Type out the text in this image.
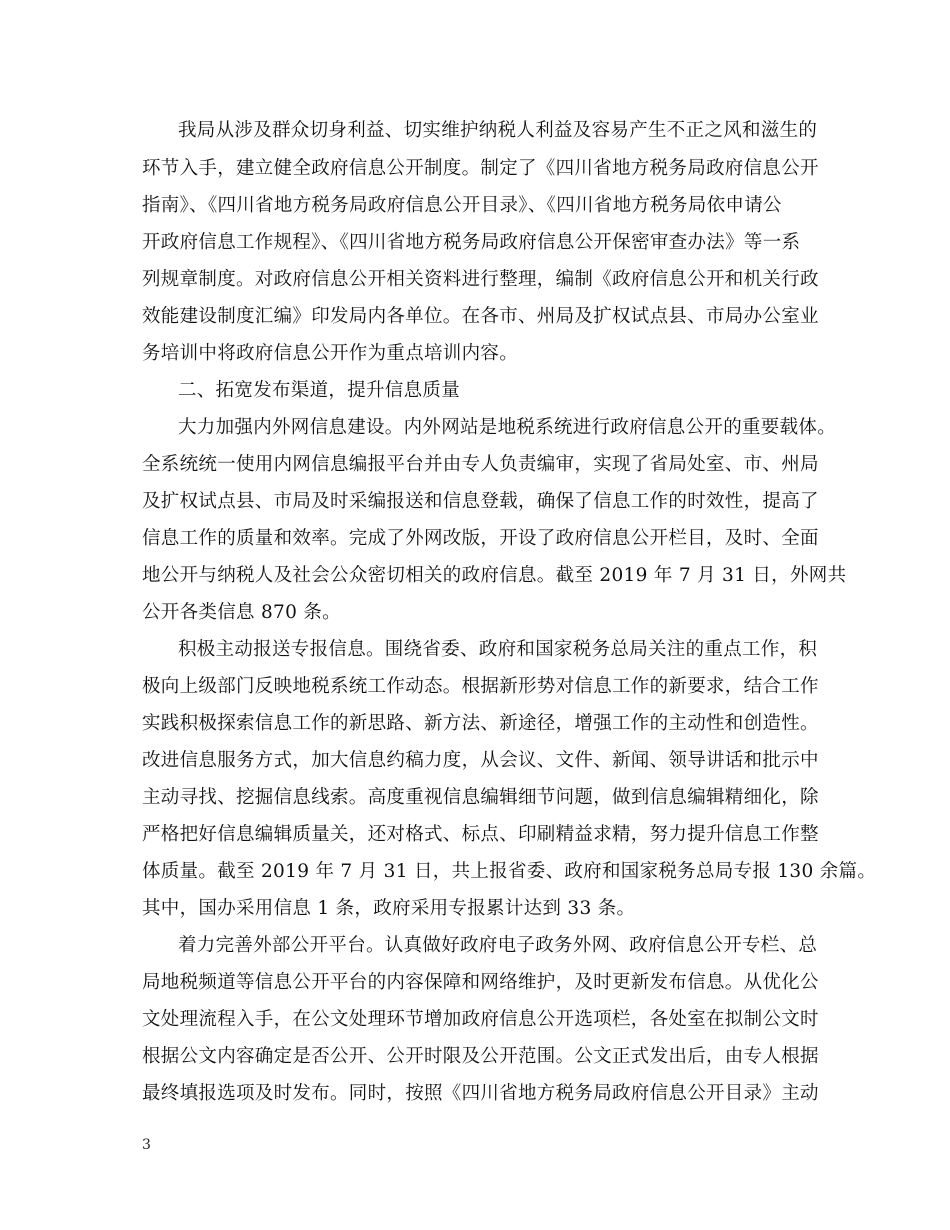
我局从涉及群众切身利益、切实维护纳税人利益及容易产生不正之风和滋生的
环节入手，建立健全政府信息公开制度。制定了《四川省地方税务局政府信息公开
指南》、《四川省地方税务局政府信息公开目录》、《四川省地方税务局依申请公
开政府信息工作规程》、《四川省地方税务局政府信息公开保密审查办法》等一系
列规章制度。对政府信息公开相关资料进行整理，编制《政府信息公开和机关行政
效能建设制度汇编》印发局内各单位。在各市、州局及扩权试点县、市局办公室业
务培训中将政府信息公开作为重点培训内容。
二、拓宽发布渠道，提升信息质量
大力加强内外网信息建设。内外网站是地税系统进行政府信息公开的重要载体。
全系统统一使用内网信息编报平台并由专人负责编审，实现了省局处室、市、州局
及扩权试点县、市局及时采编报送和信息登载，确保了信息工作的时效性，提高了
信息工作的质量和效率。完成了外网改版，开设了政府信息公开栏目，及时、全面
地公开与纳税人及社会公众密切相关的政府信息。截至 2019 年 7 月 31 日，外网共
公开各类信息 870 条。
积极主动报送专报信息。围绕省委、政府和国家税务总局关注的重点工作，积
极向上级部门反映地税系统工作动态。根据新形势对信息工作的新要求，结合工作
实践积极探索信息工作的新思路、新方法、新途径，增强工作的主动性和创造性。
改进信息服务方式，加大信息约稿力度，从会议、文件、新闻、领导讲话和批示中
主动寻找、挖掘信息线索。高度重视信息编辑细节问题，做到信息编辑精细化，除
严格把好信息编辑质量关，还对格式、标点、印刷精益求精，努力提升信息工作整
体质量。截至 2019 年 7 月 31 日，共上报省委、政府和国家税务总局专报 130 余篇。
其中，国办采用信息 1 条，政府采用专报累计达到 33 条。
着力完善外部公开平台。认真做好政府电子政务外网、政府信息公开专栏、总
局地税频道等信息公开平台的内容保障和网络维护，及时更新发布信息。从优化公
文处理流程入手，在公文处理环节增加政府信息公开选项栏，各处室在拟制公文时
根据公文内容确定是否公开、公开时限及公开范围。公文正式发出后，由专人根据
最终填报选项及时发布。同时，按照《四川省地方税务局政府信息公开目录》主动
3
